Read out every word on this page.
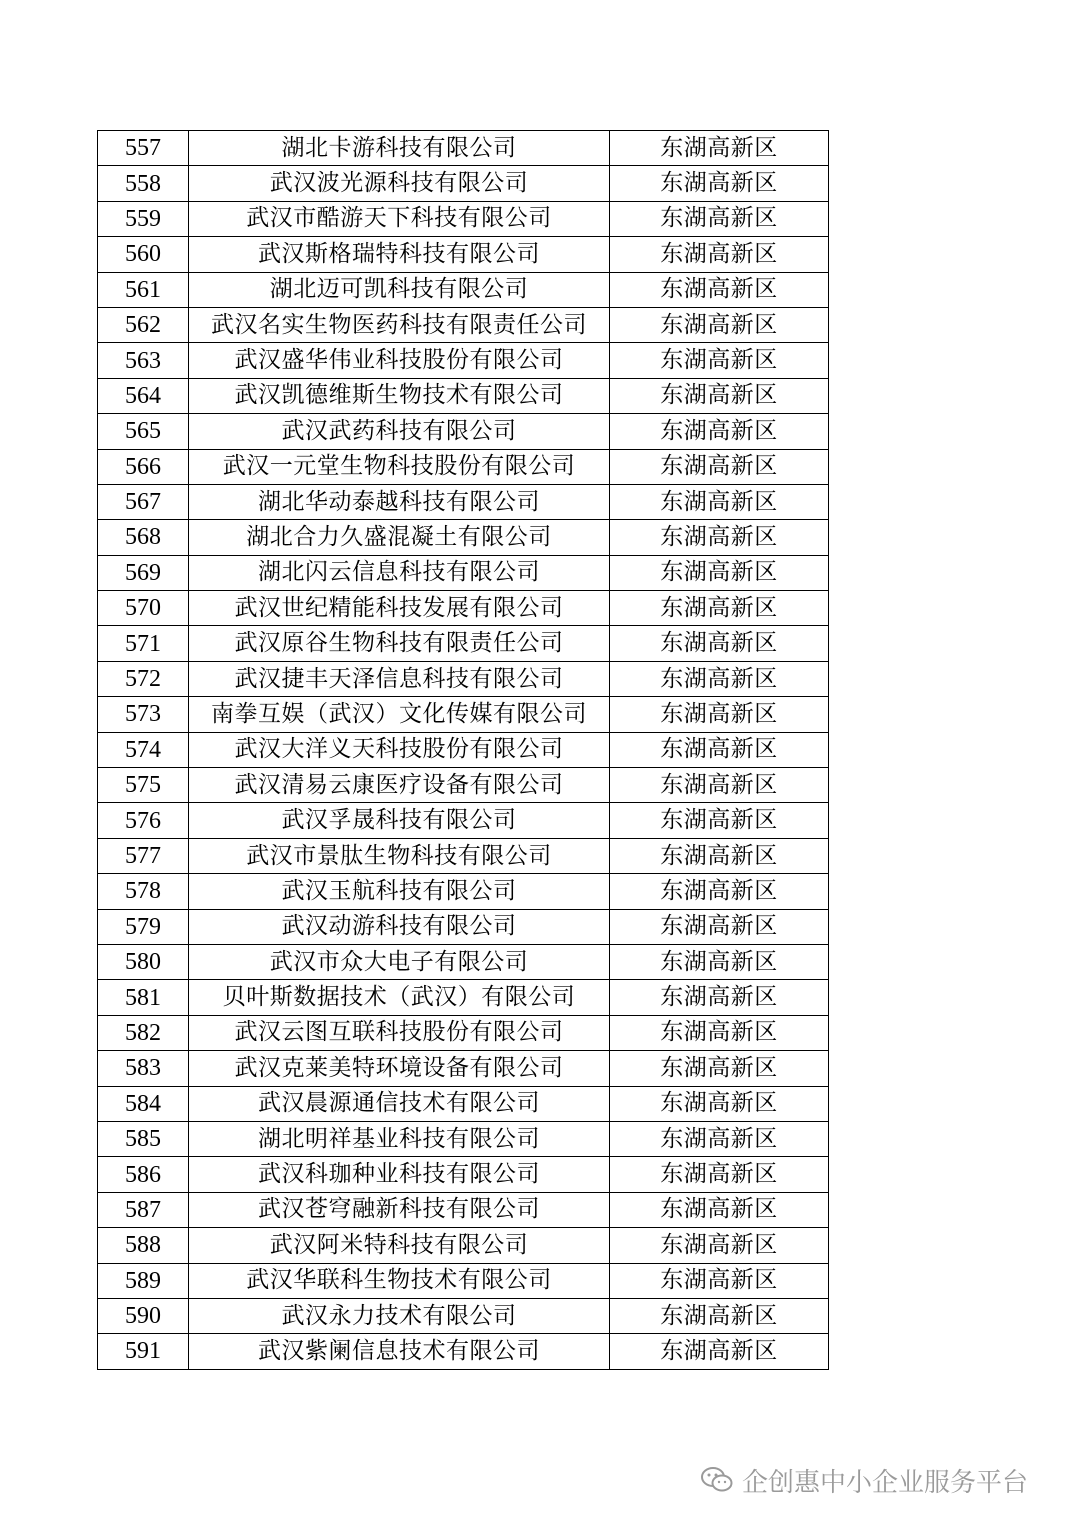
557	湖北卡游科技有限公司	东湖高新区
558	武汉波光源科技有限公司	东湖高新区
559	武汉市酷游天下科技有限公司	东湖高新区
560	武汉斯格瑞特科技有限公司	东湖高新区
561	湖北迈可凯科技有限公司	东湖高新区
562	武汉名实生物医药科技有限责任公司	东湖高新区
563	武汉盛华伟业科技股份有限公司	东湖高新区
564	武汉凯德维斯生物技术有限公司	东湖高新区
565	武汉武药科技有限公司	东湖高新区
566	武汉一元堂生物科技股份有限公司	东湖高新区
567	湖北华动泰越科技有限公司	东湖高新区
568	湖北合力久盛混凝土有限公司	东湖高新区
569	湖北闪云信息科技有限公司	东湖高新区
570	武汉世纪精能科技发展有限公司	东湖高新区
571	武汉原谷生物科技有限责任公司	东湖高新区
572	武汉捷丰天泽信息科技有限公司	东湖高新区
573	南拳互娱（武汉）文化传媒有限公司	东湖高新区
574	武汉大洋义天科技股份有限公司	东湖高新区
575	武汉清易云康医疗设备有限公司	东湖高新区
576	武汉孚晟科技有限公司	东湖高新区
577	武汉市景肽生物科技有限公司	东湖高新区
578	武汉玉航科技有限公司	东湖高新区
579	武汉动游科技有限公司	东湖高新区
580	武汉市众大电子有限公司	东湖高新区
581	贝叶斯数据技术（武汉）有限公司	东湖高新区
582	武汉云图互联科技股份有限公司	东湖高新区
583	武汉克莱美特环境设备有限公司	东湖高新区
584	武汉晨源通信技术有限公司	东湖高新区
585	湖北明祥基业科技有限公司	东湖高新区
586	武汉科珈种业科技有限公司	东湖高新区
587	武汉苍穹融新科技有限公司	东湖高新区
588	武汉阿米特科技有限公司	东湖高新区
589	武汉华联科生物技术有限公司	东湖高新区
590	武汉永力技术有限公司	东湖高新区
591	武汉紫阑信息技术有限公司	东湖高新区
企创惠中小企业服务平台
